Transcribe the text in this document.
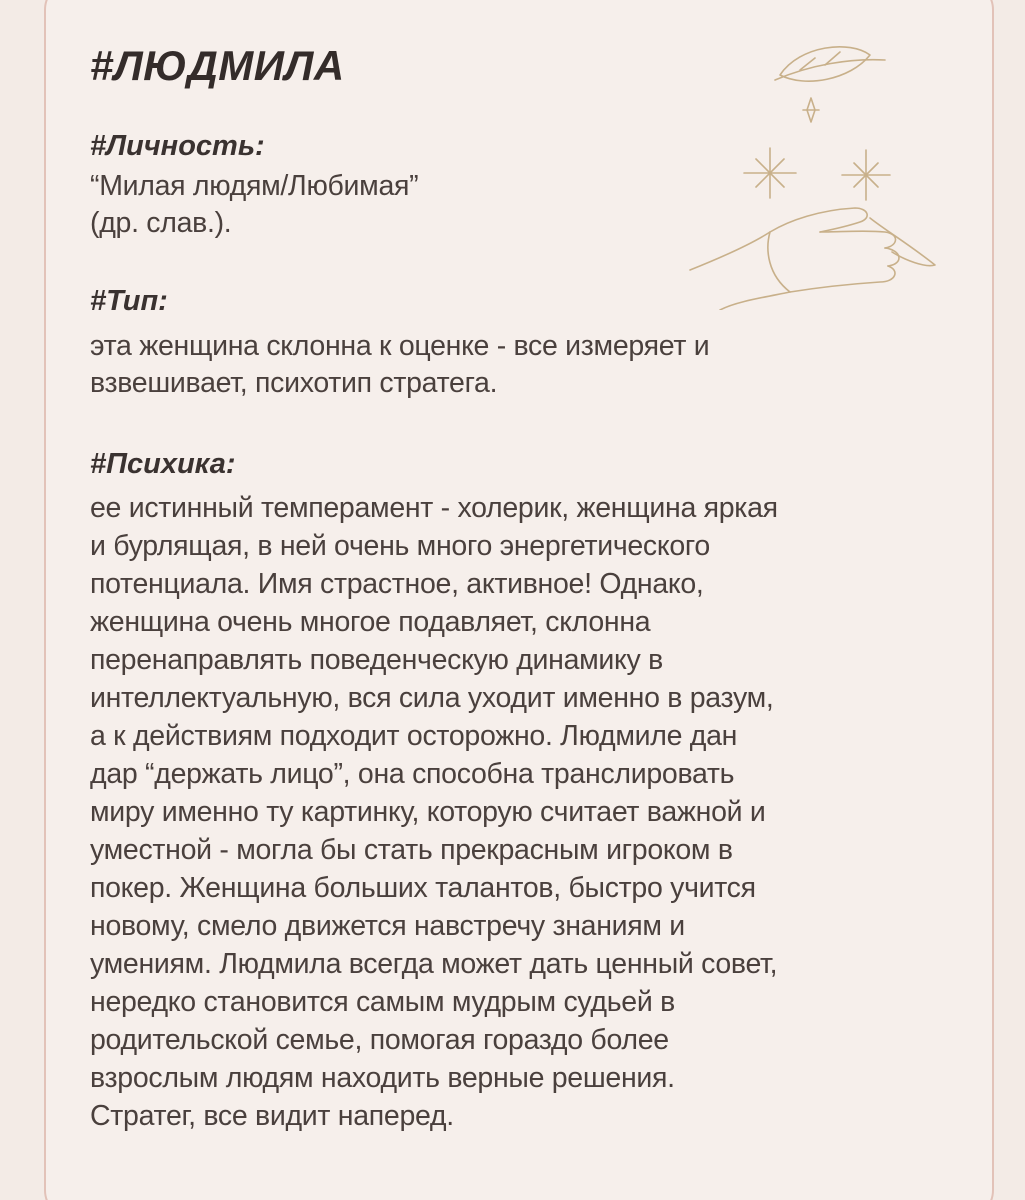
#ЛЮДМИЛА
#Личность:

“Милая людям/Любимая”

(др. слав.).

#Тип:

эта женщина склонна к оценке - все измеряет и

взвешивает, психотип стратега.

#Психика:

ее истинный темперамент - холерик, женщина яркая

и бурлящая, в ней очень много энергетического

потенциала. Имя страстное, активное! Однако,

женщина очень многое подавляет, склонна

перенаправлять поведенческую динамику в

интеллектуальную, вся сила уходит именно в разум,

а к действиям подходит осторожно. Людмиле дан

дар “держать лицо”, она способна транслировать

миру именно ту картинку, которую считает важной и

уместной - могла бы стать прекрасным игроком в

покер. Женщина больших талантов, быстро учится

новому, смело движется навстречу знаниям и

умениям. Людмила всегда может дать ценный совет,

нередко становится самым мудрым судьей в

родительской семье, помогая гораздо более

взрослым людям находить верные решения.

Стратег, все видит наперед.
